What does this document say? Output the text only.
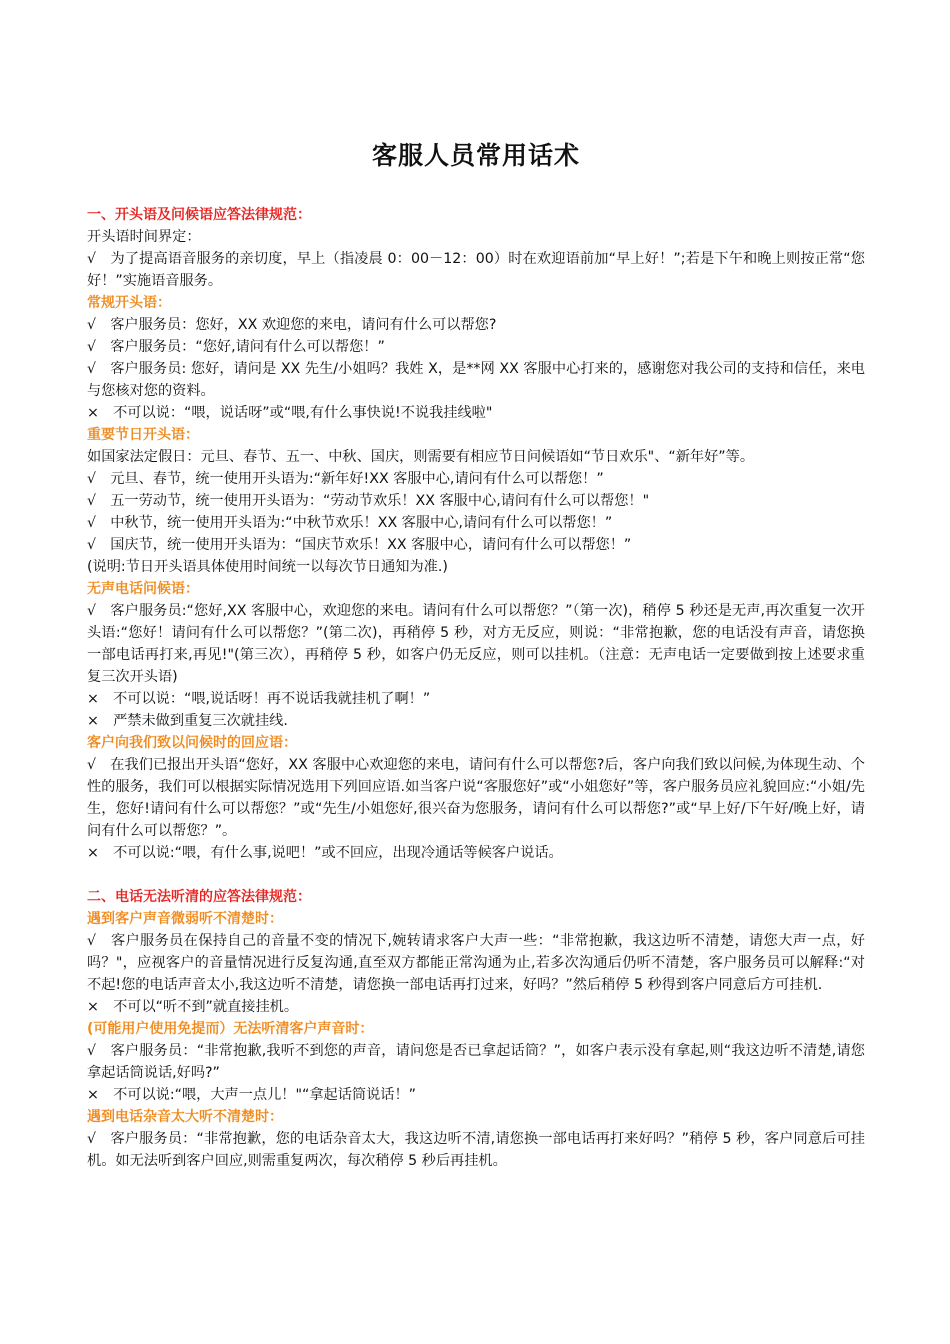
客服人员常用话术
一、开头语及问候语应答法律规范：
开头语时间界定：
√　为了提高语音服务的亲切度，早上（指凌晨 0：00－12：00）时在欢迎语前加“早上好！”;若是下午和晚上则按正常“您好！”实施语音服务。
常规开头语：
√　客户服务员：您好，XX 欢迎您的来电，请问有什么可以帮您?
√　客户服务员：“您好,请问有什么可以帮您！”
√　客户服务员: 您好，请问是 XX 先生/小姐吗？我姓 X，是**网 XX 客服中心打来的，感谢您对我公司的支持和信任，来电与您核对您的资料。
×　不可以说：“喂，说话呀”或“喂,有什么事快说!不说我挂线啦"
重要节日开头语：
如国家法定假日：元旦、春节、五一、中秋、国庆，则需要有相应节日问候语如“节日欢乐"、“新年好”等。
√　元旦、春节，统一使用开头语为:“新年好!XX 客服中心,请问有什么可以帮您！”
√　五一劳动节，统一使用开头语为：“劳动节欢乐！XX 客服中心,请问有什么可以帮您！"
√　中秋节，统一使用开头语为:“中秋节欢乐！XX 客服中心,请问有什么可以帮您！”
√　国庆节，统一使用开头语为：“国庆节欢乐！XX 客服中心，请问有什么可以帮您！”
(说明:节日开头语具体使用时间统一以每次节日通知为准.)
无声电话问候语：
√　客户服务员:“您好,XX 客服中心，欢迎您的来电。请问有什么可以帮您？”（第一次)，稍停 5 秒还是无声,再次重复一次开头语:“您好！请问有什么可以帮您？”(第二次)，再稍停 5 秒，对方无反应，则说：“非常抱歉，您的电话没有声音，请您换一部电话再打来,再见!"(第三次），再稍停 5 秒，如客户仍无反应，则可以挂机。（注意：无声电话一定要做到按上述要求重复三次开头语)
×　不可以说：“喂,说话呀！再不说话我就挂机了啊！”
×　严禁未做到重复三次就挂线.
客户向我们致以问候时的回应语：
√　在我们已报出开头语“您好，XX 客服中心欢迎您的来电，请问有什么可以帮您?后，客户向我们致以问候,为体现生动、个性的服务，我们可以根据实际情况选用下列回应语.如当客户说“客服您好”或“小姐您好”等，客户服务员应礼貌回应:“小姐/先生，您好!请问有什么可以帮您？”或“先生/小姐您好,很兴奋为您服务，请问有什么可以帮您?”或“早上好/下午好/晚上好，请问有什么可以帮您？”。
×　不可以说:“喂，有什么事,说吧！”或不回应，出现冷通话等候客户说话。
二、电话无法听清的应答法律规范：
遇到客户声音微弱听不清楚时：
√　客户服务员在保持自己的音量不变的情况下,婉转请求客户大声一些：“非常抱歉，我这边听不清楚，请您大声一点，好吗？"，应视客户的音量情况进行反复沟通,直至双方都能正常沟通为止,若多次沟通后仍听不清楚，客户服务员可以解释:“对不起!您的电话声音太小,我这边听不清楚，请您换一部电话再打过来，好吗？”然后稍停 5 秒得到客户同意后方可挂机.
×　不可以“听不到”就直接挂机。
(可能用户使用免提而）无法听清客户声音时：
√　客户服务员：“非常抱歉,我听不到您的声音，请问您是否已拿起话筒？”，如客户表示没有拿起,则“我这边听不清楚,请您拿起话筒说话,好吗?”
×　不可以说:“喂，大声一点儿！"“拿起话筒说话！”
遇到电话杂音太大听不清楚时：
√　客户服务员：“非常抱歉，您的电话杂音太大，我这边听不清,请您换一部电话再打来好吗？”稍停 5 秒，客户同意后可挂机。如无法听到客户回应,则需重复两次，每次稍停 5 秒后再挂机。
